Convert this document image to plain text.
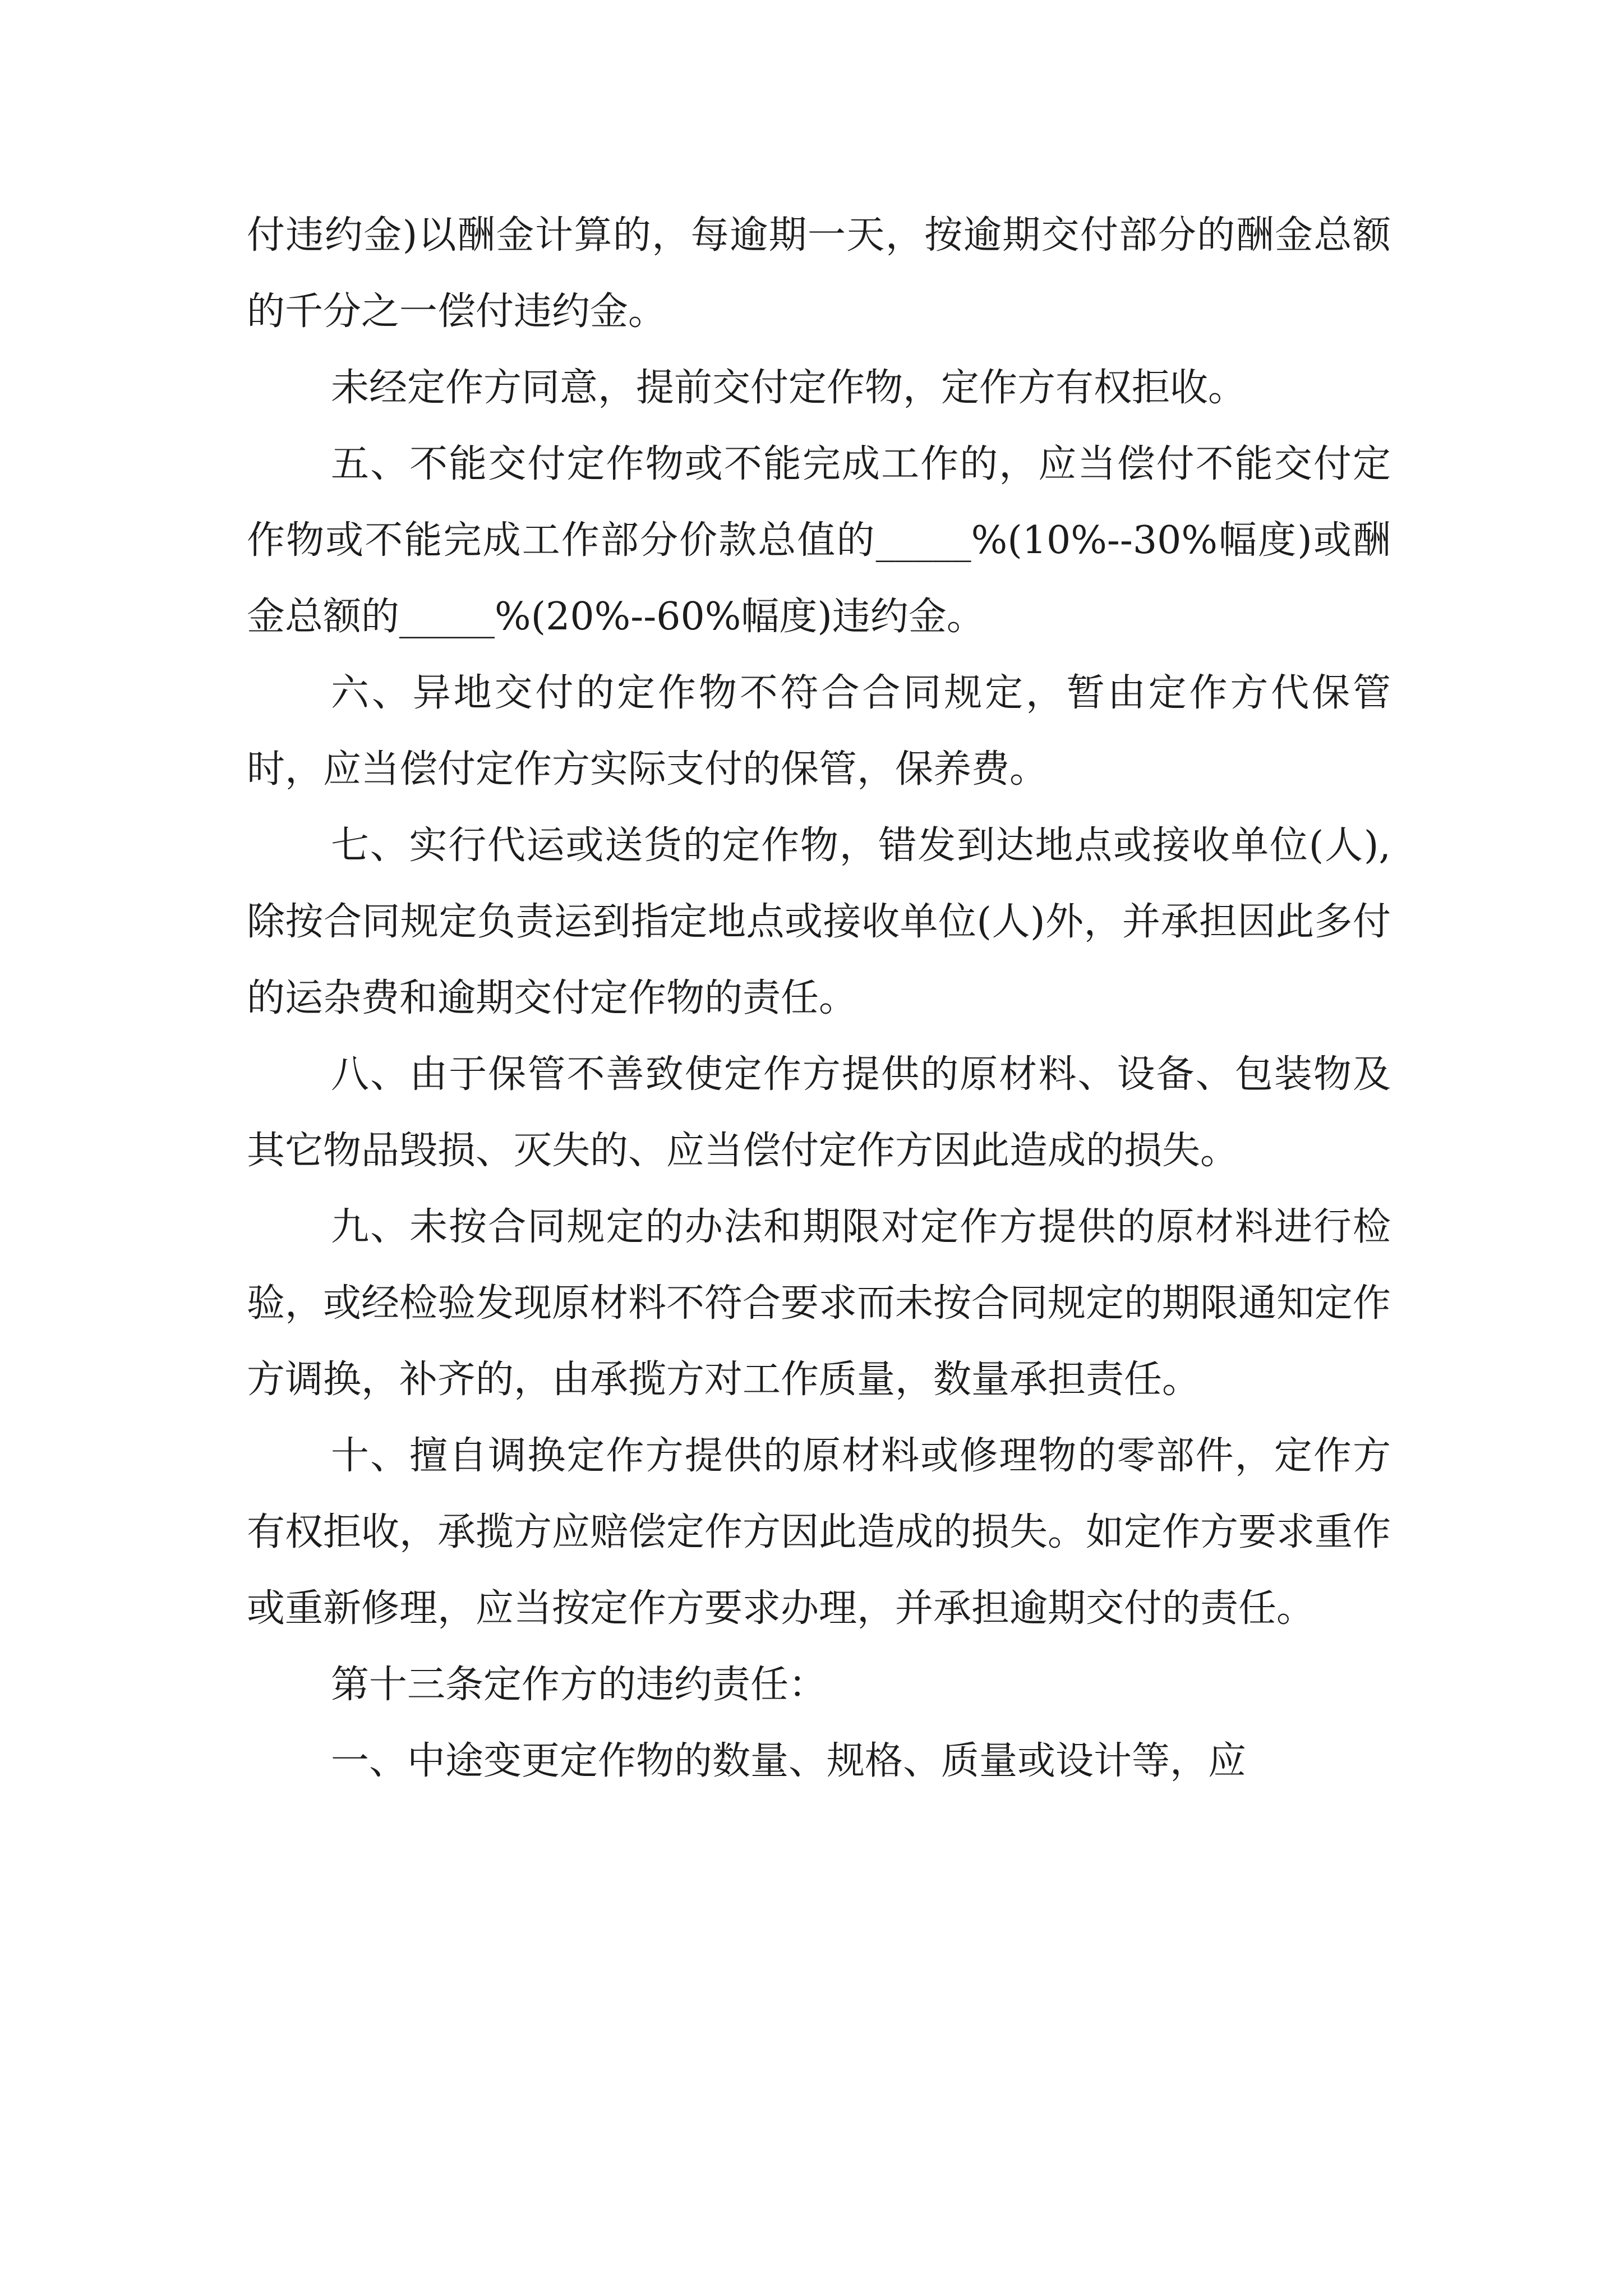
付违约金)以酬金计算的，每逾期一天，按逾期交付部分的酬金总额的千分之一偿付违约金。

未经定作方同意，提前交付定作物，定作方有权拒收。

五、不能交付定作物或不能完成工作的，应当偿付不能交付定作物或不能完成工作部分价款总值的_____%(10%--30%幅度)或酬金总额的_____%(20%--60%幅度)违约金。

六、异地交付的定作物不符合合同规定，暂由定作方代保管时，应当偿付定作方实际支付的保管，保养费。

七、实行代运或送货的定作物，错发到达地点或接收单位(人),除按合同规定负责运到指定地点或接收单位(人)外，并承担因此多付的运杂费和逾期交付定作物的责任。

八、由于保管不善致使定作方提供的原材料、设备、包装物及其它物品毁损、灭失的、应当偿付定作方因此造成的损失。

九、未按合同规定的办法和期限对定作方提供的原材料进行检验，或经检验发现原材料不符合要求而未按合同规定的期限通知定作方调换，补齐的，由承揽方对工作质量，数量承担责任。

十、擅自调换定作方提供的原材料或修理物的零部件，定作方有权拒收，承揽方应赔偿定作方因此造成的损失。如定作方要求重作或重新修理，应当按定作方要求办理，并承担逾期交付的责任。

第十三条定作方的违约责任：

一、中途变更定作物的数量、规格、质量或设计等，应
